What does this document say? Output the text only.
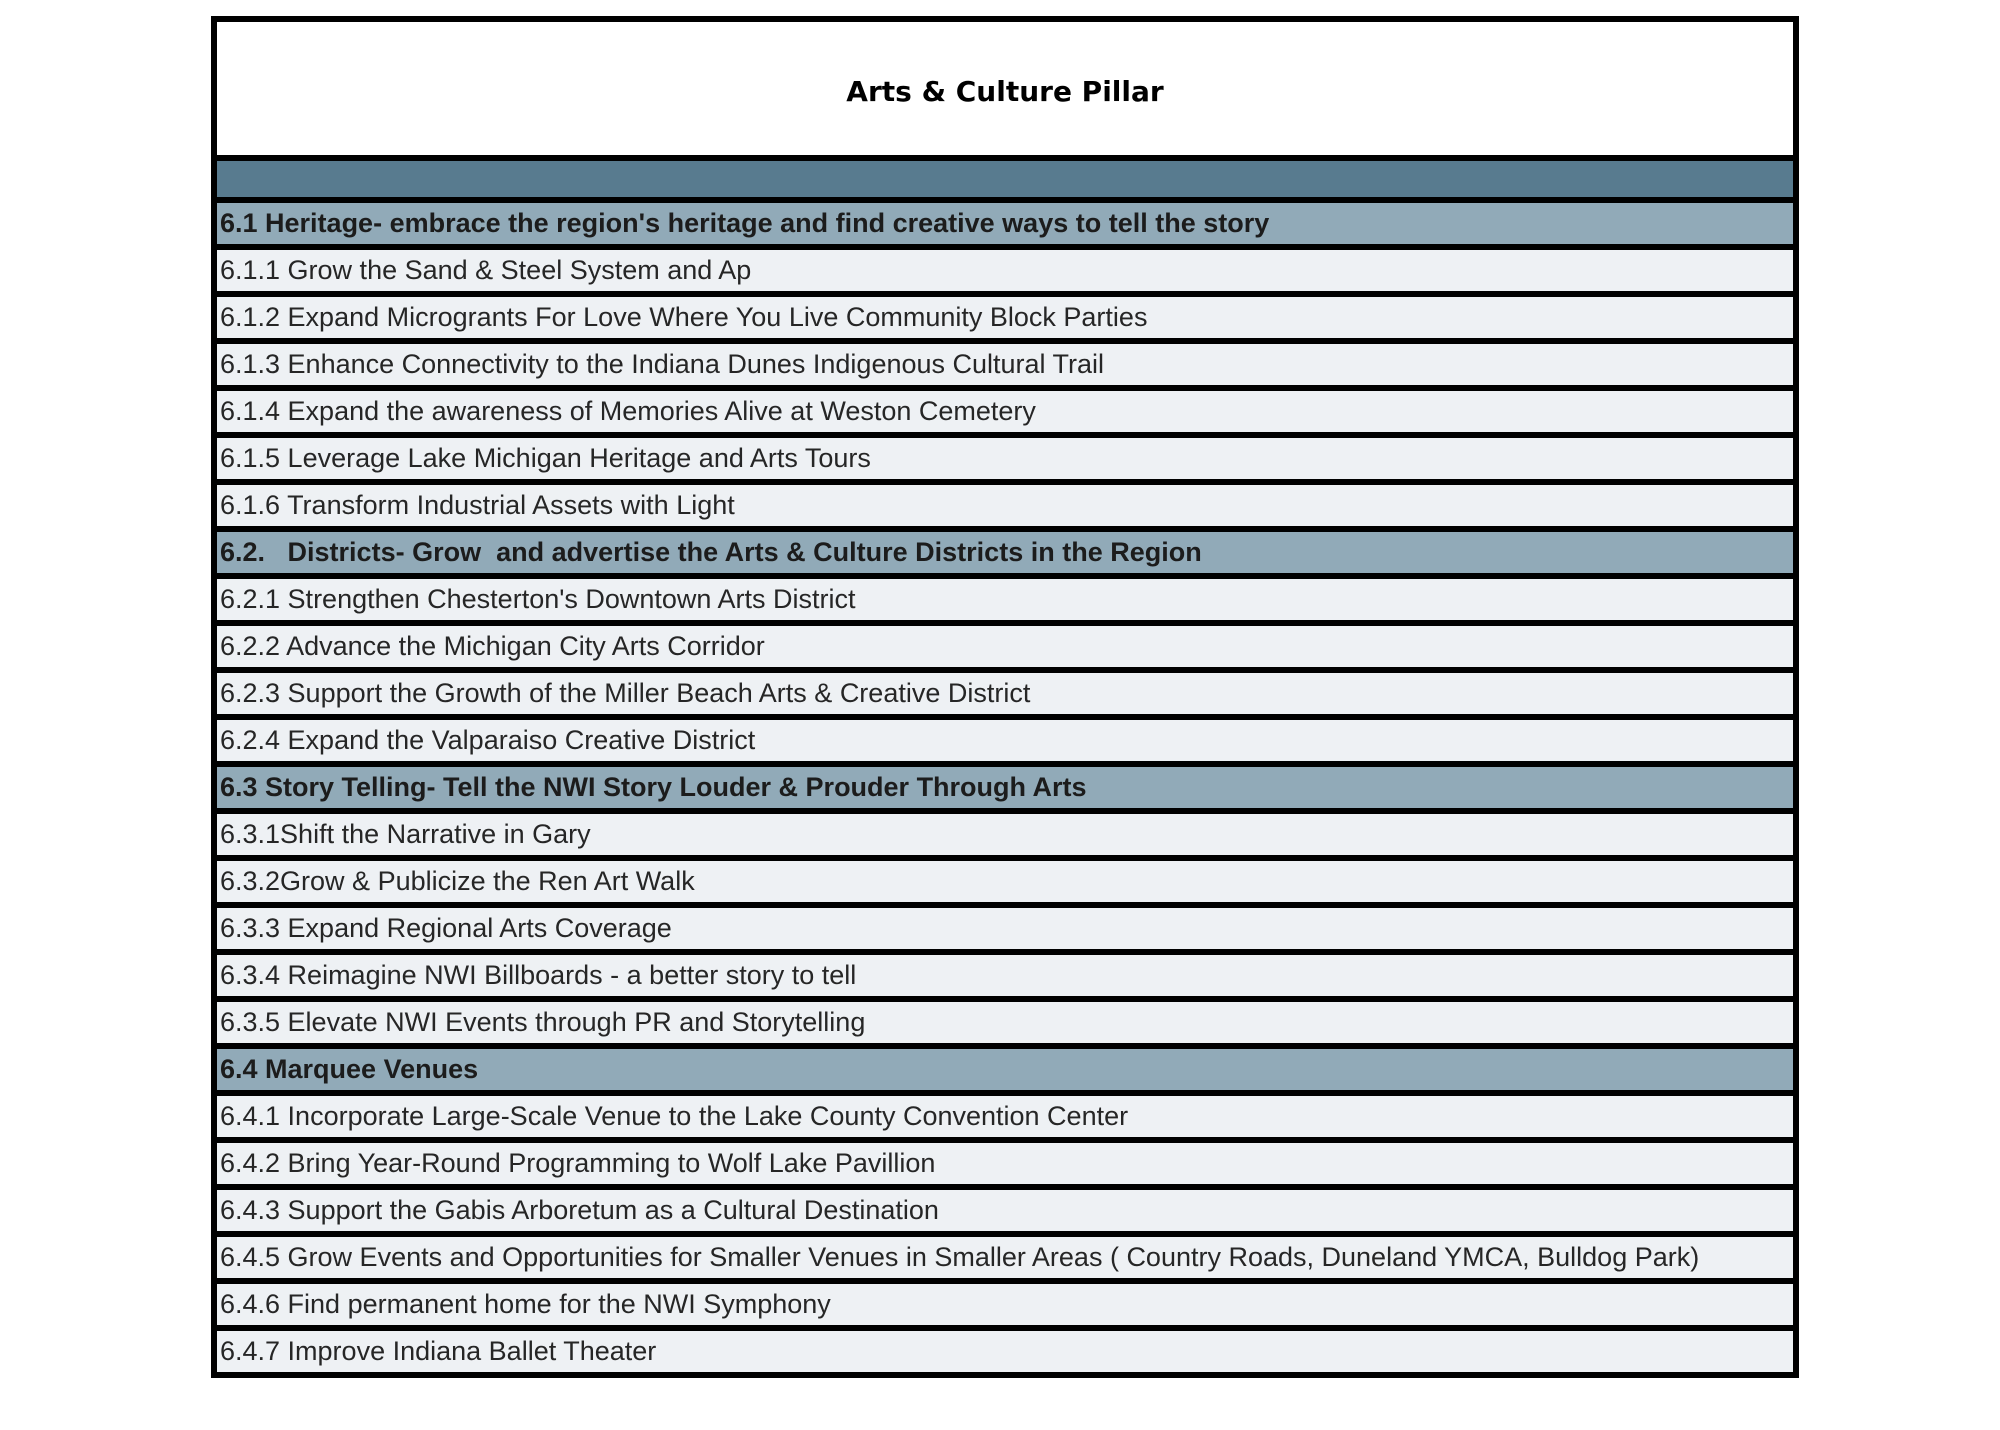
Arts & Culture Pillar
6.1 Heritage- embrace the region's heritage and find creative ways to tell the story
6.1.1 Grow the Sand & Steel System and Ap
6.1.2 Expand Microgrants For Love Where You Live Community Block Parties
6.1.3 Enhance Connectivity to the Indiana Dunes Indigenous Cultural Trail
6.1.4 Expand the awareness of Memories Alive at Weston Cemetery
6.1.5 Leverage Lake Michigan Heritage and Arts Tours
6.1.6 Transform Industrial Assets with Light
6.2.   Districts- Grow  and advertise the Arts & Culture Districts in the Region
6.2.1 Strengthen Chesterton's Downtown Arts District
6.2.2 Advance the Michigan City Arts Corridor
6.2.3 Support the Growth of the Miller Beach Arts & Creative District
6.2.4 Expand the Valparaiso Creative District
6.3 Story Telling- Tell the NWI Story Louder & Prouder Through Arts
6.3.1Shift the Narrative in Gary
6.3.2Grow & Publicize the Ren Art Walk
6.3.3 Expand Regional Arts Coverage
6.3.4 Reimagine NWI Billboards - a better story to tell
6.3.5 Elevate NWI Events through PR and Storytelling
6.4 Marquee Venues
6.4.1 Incorporate Large-Scale Venue to the Lake County Convention Center
6.4.2 Bring Year-Round Programming to Wolf Lake Pavillion
6.4.3 Support the Gabis Arboretum as a Cultural Destination
6.4.5 Grow Events and Opportunities for Smaller Venues in Smaller Areas ( Country Roads, Duneland YMCA, Bulldog Park)
6.4.6 Find permanent home for the NWI Symphony
6.4.7 Improve Indiana Ballet Theater
